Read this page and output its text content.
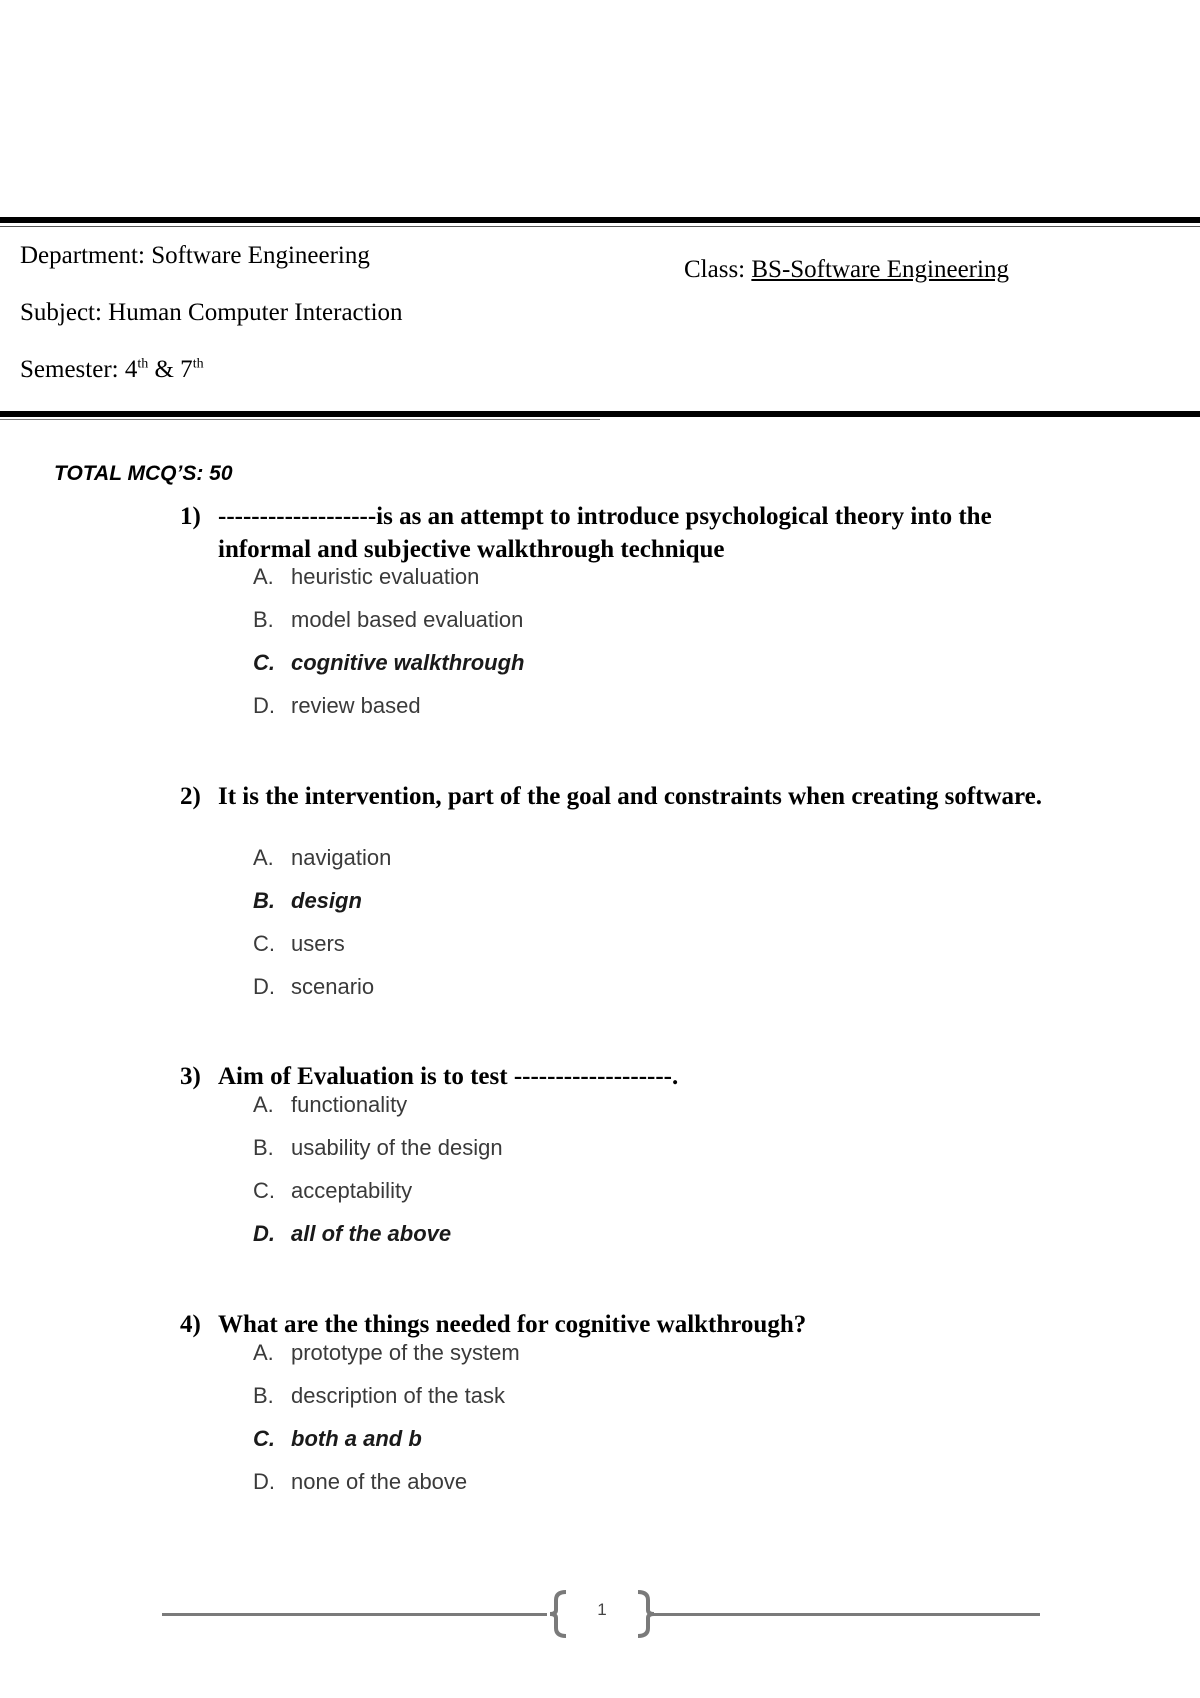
Department: Software Engineering
Subject: Human Computer Interaction
Semester: 4th & 7th
Class: BS-Software Engineering
TOTAL MCQ’S: 50
1) -------------------is as an attempt to introduce psychological theory into the informal and subjective walkthrough technique
A. heuristic evaluation
B. model based evaluation
C. cognitive walkthrough
D. review based
2) It is the intervention, part of the goal and constraints when creating software.
A. navigation
B. design
C. users
D. scenario
3) Aim of Evaluation is to test -------------------.
A. functionality
B. usability of the design
C. acceptability
D. all of the above
4) What are the things needed for cognitive walkthrough?
A. prototype of the system
B. description of the task
C. both a and b
D. none of the above
1
